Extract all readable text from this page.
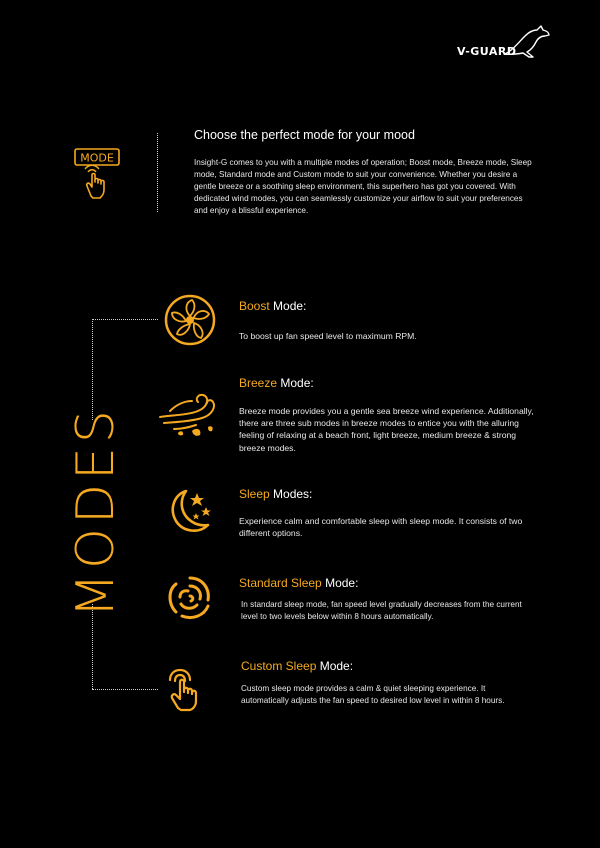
V-GUARD
MODE
Choose the perfect mode for your mood
Insight-G comes to you with a multiple modes of operation; Boost mode, Breeze mode, Sleep mode, Standard mode and Custom mode to suit your convenience. Whether you desire a gentle breeze or a soothing sleep environment, this superhero has got you covered. With dedicated wind modes, you can seamlessly customize your airflow to suit your preferences and enjoy a blissful experience.
MODES
Boost Mode:
To boost up fan speed level to maximum RPM.
Breeze Mode:
Breeze mode provides you a gentle sea breeze wind experience. Additionally, there are three sub modes in breeze modes to entice you with the alluring feeling of relaxing at a beach front, light breeze, medium breeze & strong breeze modes.
Sleep Modes:
Experience calm and comfortable sleep with sleep mode. It consists of two different options.
Standard Sleep Mode:
In standard sleep mode, fan speed level gradually decreases from the current level to two levels below within 8 hours automatically.
Custom Sleep Mode:
Custom sleep mode provides a calm & quiet sleeping experience. It automatically adjusts the fan speed to desired low level in within 8 hours.
